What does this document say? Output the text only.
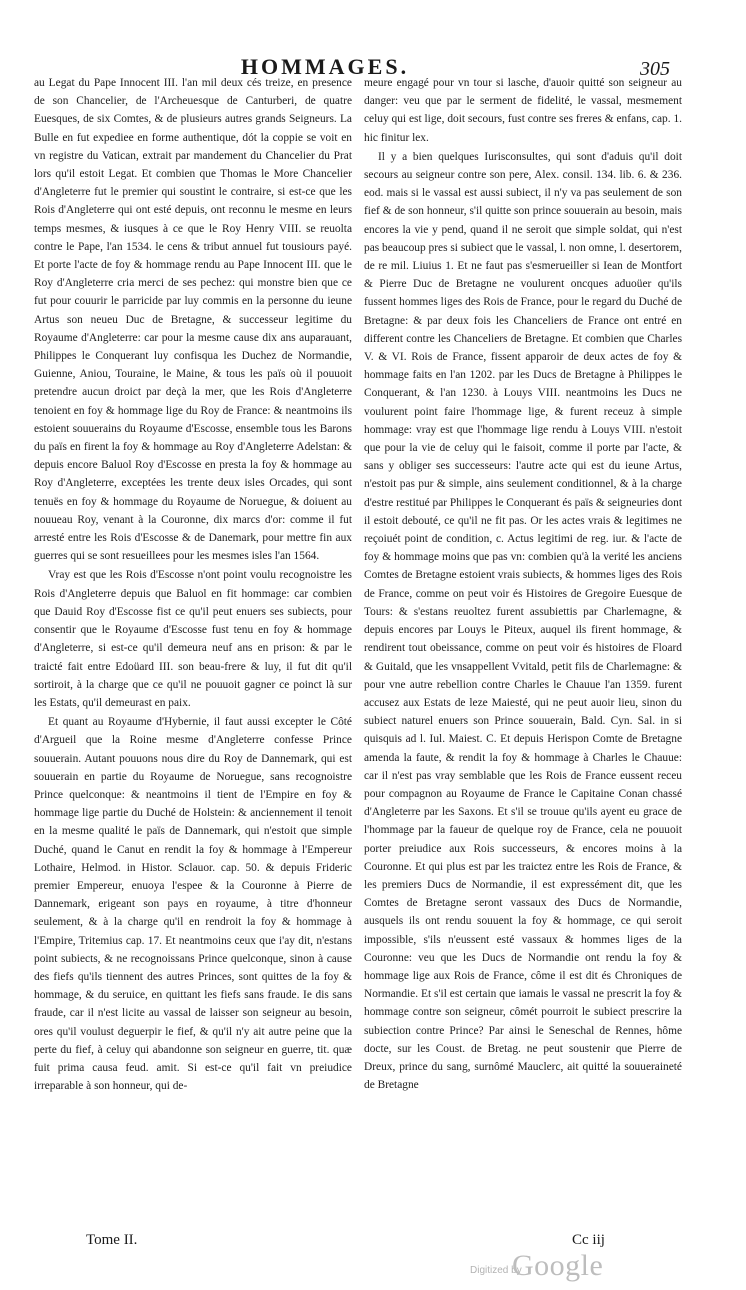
HOMMAGES.	305

au Legat du Pape Innocent III. l'an mil deux cés treize, en presence de son Chancelier, de l'Archeuesque de Canturberi, de quatre Euesques, de six Comtes, & de plusieurs autres grands Seigneurs. La Bulle en fut expediee en forme authentique, dót la coppie se voit en vn registre du Vatican, extrait par mandement du Chancelier du Prat lors qu'il estoit Legat. Et combien que Thomas le More Chancelier d'Angleterre fut le premier qui soustint le contraire, si est-ce que les Rois d'Angleterre qui ont esté depuis, ont reconnu le mesme en leurs temps mesmes, & iusques à ce que le Roy Henry VIII. se reuolta contre le Pape, l'an 1534. le cens & tribut annuel fut tousiours payé. Et porte l'acte de foy & hommage rendu au Pape Innocent III. que le Roy d'Angleterre cria merci de ses pechez: qui monstre bien que ce fut pour couurir le parricide par luy commis en la personne du ieune Artus son neueu Duc de Bretagne, & successeur legitime du Royaume d'Angleterre: car pour la mesme cause dix ans auparauant, Philippes le Conquerant luy confisqua les Duchez de Normandie, Guienne, Aniou, Touraine, le Maine, & tous les païs où il pouuoit pretendre aucun droict par deçà la mer, que les Rois d'Angleterre tenoient en foy & hommage lige du Roy de France: & neantmoins ils estoient souuerains du Royaume d'Escosse, ensemble tous les Barons du païs en firent la foy & hommage au Roy d'Angleterre Adelstan: & depuis encore Baluol Roy d'Escosse en presta la foy & hommage au Roy d'Angleterre, exceptées les trente deux isles Orcades, qui sont tenuës en foy & hommage du Royaume de Noruegue, & doiuent au nouueau Roy, venant à la Couronne, dix marcs d'or: comme il fut arresté entre les Rois d'Escosse & de Danemark, pour mettre fin aux guerres qui se sont resueillees pour les mesmes isles l'an 1564.

Vray est que les Rois d'Escosse n'ont point voulu recognoistre les Rois d'Angleterre depuis que Baluol en fit hommage: car combien que Dauid Roy d'Escosse fist ce qu'il peut enuers ses subiects, pour consentir que le Royaume d'Escosse fust tenu en foy & hommage d'Angleterre, si est-ce qu'il demeura neuf ans en prison: & par le traicté fait entre Edoüard III. son beau-frere & luy, il fut dit qu'il sortiroit, à la charge que ce qu'il ne pouuoit gagner ce poinct là sur les Estats, qu'il demeurast en paix.

Et quant au Royaume d'Hybernie, il faut aussi excepter le Côté d'Argueil que la Roine mesme d'Angleterre confesse Prince souuerain. Autant pouuons nous dire du Roy de Dannemark, qui est souuerain en partie du Royaume de Noruegue, sans recognoistre Prince quelconque: & neantmoins il tient de l'Empire en foy & hommage lige partie du Duché de Holstein: & anciennement il tenoit en la mesme qualité le païs de Dannemark, qui n'estoit que simple Duché, quand le Canut en rendit la foy & hommage à l'Empereur Lothaire, Helmod. in Histor. Sclauor. cap. 50. & depuis Frideric premier Empereur, enuoya l'espee & la Couronne à Pierre de Dannemark, erigeant son pays en royaume, à titre d'honneur seulement, & à la charge qu'il en rendroit la foy & hommage à l'Empire, Tritemius cap. 17. Et neantmoins ceux que i'ay dit, n'estans point subiects, & ne recognoissans Prince quelconque, sinon à cause des fiefs qu'ils tiennent des autres Princes, sont quittes de la foy & hommage, & du seruice, en quittant les fiefs sans fraude. Ie dis sans fraude, car il n'est licite au vassal de laisser son seigneur au besoin, ores qu'il voulust deguerpir le fief, & qu'il n'y ait autre peine que la perte du fief, à celuy qui abandonne son seigneur en guerre, tit. quæ fuit prima causa feud. amit. Si est-ce qu'il fait vn preiudice irreparable à son honneur, qui de-

meure engagé pour vn tour si lasche, d'auoir quitté son seigneur au danger: veu que par le serment de fidelité, le vassal, mesmement celuy qui est lige, doit secours, fust contre ses freres & enfans, cap. 1. hic finitur lex.

Il y a bien quelques Iurisconsultes, qui sont d'aduis qu'il doit secours au seigneur contre son pere, Alex. consil. 134. lib. 6. & 236. eod. mais si le vassal est aussi subiect, il n'y va pas seulement de son fief & de son honneur, s'il quitte son prince souuerain au besoin, mais encores la vie y pend, quand il ne seroit que simple soldat, qui n'est pas beaucoup pres si subiect que le vassal, l. non omne, l. desertorem, de re mil. Liuius 1. Et ne faut pas s'esmerueiller si Iean de Montfort & Pierre Duc de Bretagne ne voulurent oncques aduoüer qu'ils fussent hommes liges des Rois de France, pour le regard du Duché de Bretagne: & par deux fois les Chanceliers de France ont entré en different contre les Chanceliers de Bretagne. Et combien que Charles V. & VI. Rois de France, fissent apparoir de deux actes de foy & hommage faits en l'an 1202. par les Ducs de Bretagne à Philippes le Conquerant, & l'an 1230. à Louys VIII. neantmoins les Ducs ne voulurent point faire l'hommage lige, & furent receuz à simple hommage: vray est que l'hommage lige rendu à Louys VIII. n'estoit que pour la vie de celuy qui le faisoit, comme il porte par l'acte, & sans y obliger ses successeurs: l'autre acte qui est du ieune Artus, n'estoit pas pur & simple, ains seulement conditionnel, & à la charge d'estre restitué par Philippes le Conquerant és païs & seigneuries dont il estoit debouté, ce qu'il ne fit pas. Or les actes vrais & legitimes ne reçoiuét point de condition, c. Actus legitimi de reg. iur. & l'acte de foy & hommage moins que pas vn: combien qu'à la verité les anciens Comtes de Bretagne estoient vrais subiects, & hommes liges des Rois de France, comme on peut voir és Histoires de Gregoire Euesque de Tours: & s'estans reuoltez furent assubiettis par Charlemagne, & depuis encores par Louys le Piteux, auquel ils firent hommage, & rendirent tout obeissance, comme on peut voir és histoires de Floard & Guitald, que les vnsappellent Vvitald, petit fils de Charlemagne: & pour vne autre rebellion contre Charles le Chauue l'an 1359. furent accusez aux Estats de leze Maiesté, qui ne peut auoir lieu, sinon du subiect naturel enuers son Prince souuerain, Bald. Cyn. Sal. in si quisquis ad l. Iul. Maiest. C. Et depuis Herispon Comte de Bretagne amenda la faute, & rendit la foy & hommage à Charles le Chauue: car il n'est pas vray semblable que les Rois de France eussent receu pour compagnon au Royaume de France le Capitaine Conan chassé d'Angleterre par les Saxons. Et s'il se trouue qu'ils ayent eu grace de l'hommage par la faueur de quelque roy de France, cela ne pouuoit porter preiudice aux Rois successeurs, & encores moins à la Couronne. Et qui plus est par les traictez entre les Rois de France, & les premiers Ducs de Normandie, il est expressément dit, que les Comtes de Bretagne seront vassaux des Ducs de Normandie, ausquels ils ont rendu souuent la foy & hommage, ce qui seroit impossible, s'ils n'eussent esté vassaux & hommes liges de la Couronne: veu que les Ducs de Normandie ont rendu la foy & hommage lige aux Rois de France, côme il est dit és Chroniques de Normandie. Et s'il est certain que iamais le vassal ne prescrit la foy & hommage contre son seigneur, cômét pourroit le subiect prescrire la subiection contre Prince? Par ainsi le Seneschal de Rennes, hôme docte, sur les Coust. de Bretag. ne peut soustenir que Pierre de Dreux, prince du sang, surnômé Mauclerc, ait quitté la souueraineté de Bretagne

Tome II.	Cc iij
Digitized by
Google
